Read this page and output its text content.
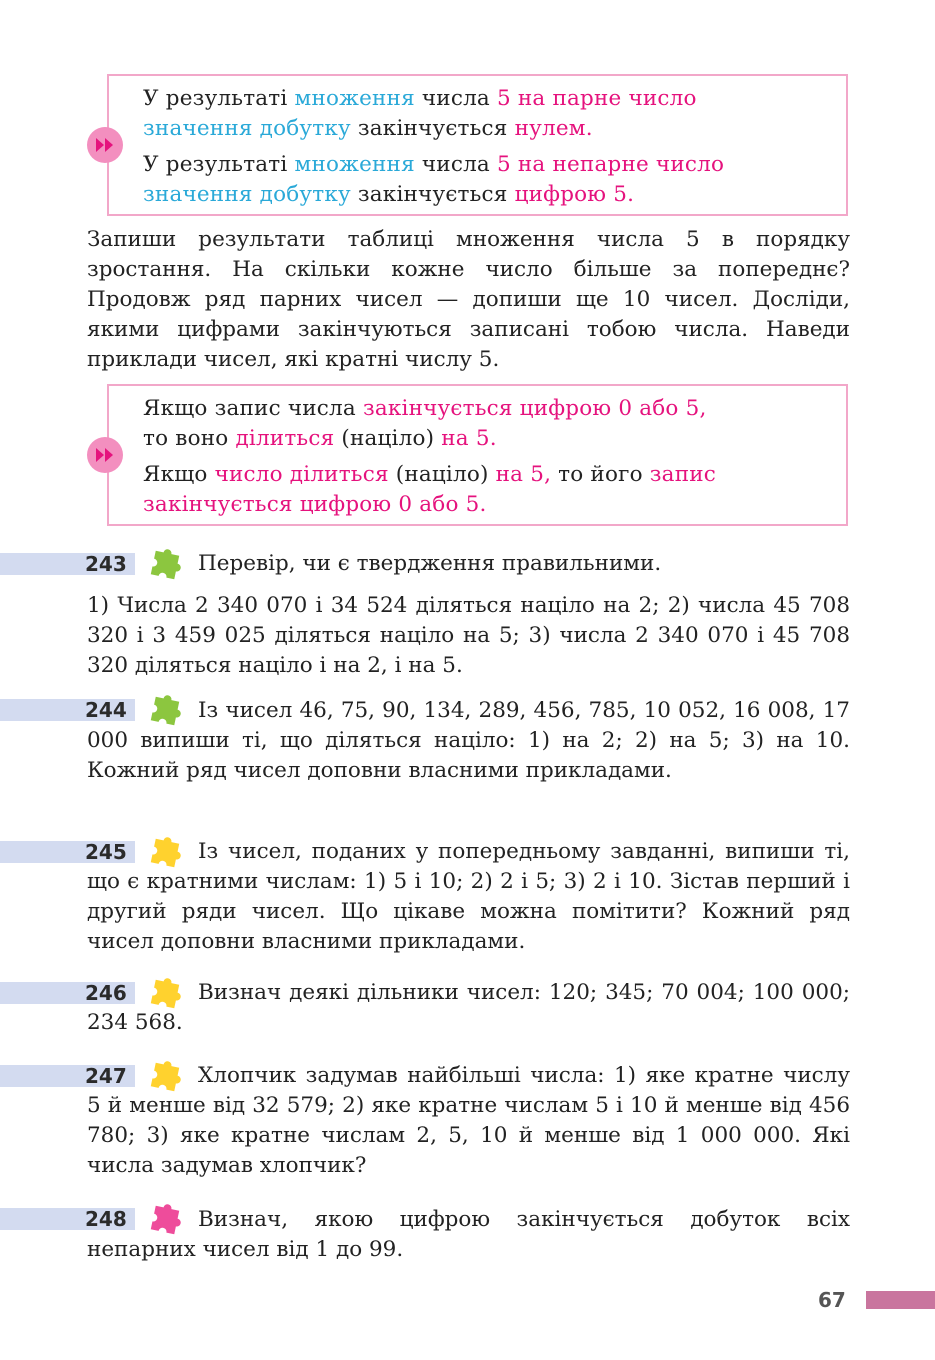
У результаті множення числа 5 на парне число
значення добутку закінчується нулем.

У результаті множення числа 5 на непарне число
значення добутку закінчується цифрою 5.

Запиши результати таблиці множення числа 5 в порядку зростання. На скільки кожне число більше за попереднє? Продовж ряд парних чисел — допиши ще 10 чисел. Досліди, якими цифрами закінчуються записані тобою числа. Наведи приклади чисел, які кратні числу 5.

Якщо запис числа закінчується цифрою 0 або 5,
то воно ділиться (націло) на 5.

Якщо число ділиться (націло) на 5, то його запис закінчується цифрою 0 або 5.

243	Перевір, чи є твердження правильними.
1) Числа 2 340 070 і 34 524 діляться націло на 2; 2) числа 45 708 320 і 3 459 025 діляться націло на 5; 3) числа 2 340 070 і 45 708 320 діляться націло і на 2, і на 5.
244	Із чисел 46, 75, 90, 134, 289, 456, 785, 10 052, 16 008, 17 000 випиши ті, що діляться націло: 1) на 2; 2) на 5; 3) на 10. Кожний ряд чисел доповни власними прикладами.
245	Із чисел, поданих у попередньому завданні, випиши ті, що є кратними числам: 1) 5 і 10; 2) 2 і 5; 3) 2 і 10. Зістав перший і другий ряди чисел. Що цікаве можна помітити? Кожний ряд чисел доповни власними прикладами.
246	Визнач деякі дільники чисел: 120; 345; 70 004; 100 000; 234 568.
247	Хлопчик задумав найбільші числа: 1) яке кратне числу 5 й менше від 32 579; 2) яке кратне числам 5 і 10 й менше від 456 780; 3) яке кратне числам 2, 5, 10 й менше від 1 000 000. Які числа задумав хлопчик?
248	Визнач, якою цифрою закінчується добуток всіх непарних чисел від 1 до 99.
67
